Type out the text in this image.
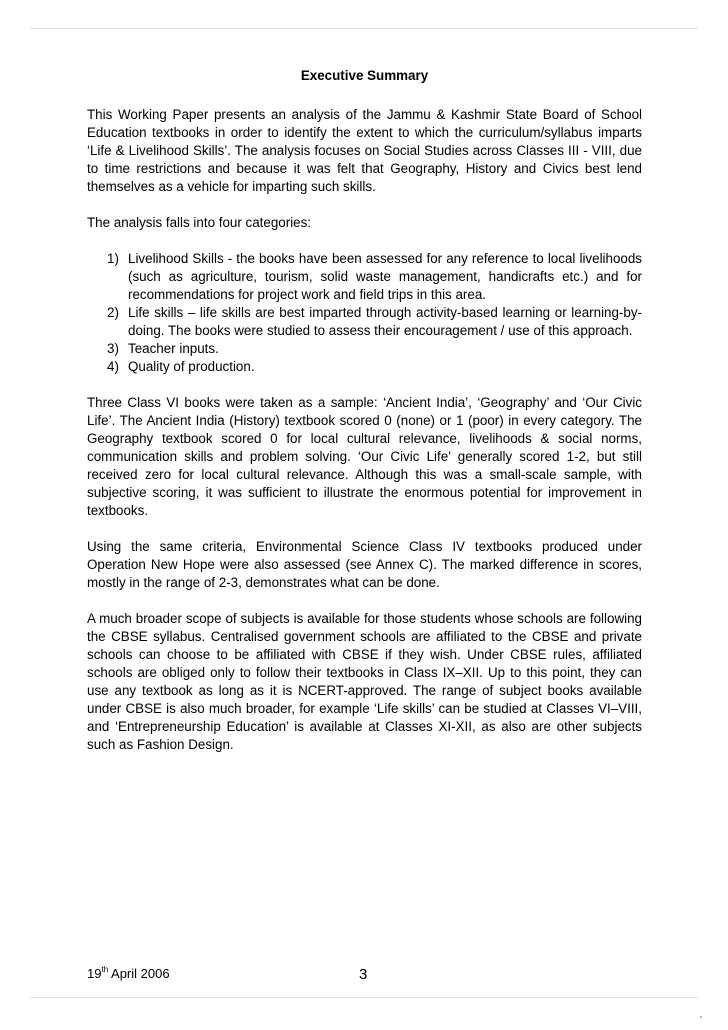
Executive Summary

This Working Paper presents an analysis of the Jammu & Kashmir State Board of School Education textbooks in order to identify the extent to which the curriculum/syllabus imparts ‘Life & Livelihood Skills’. The analysis focuses on Social Studies across Classes III - VIII, due to time restrictions and because it was felt that Geography, History and Civics best lend themselves as a vehicle for imparting such skills.

The analysis falls into four categories:

1) Livelihood Skills - the books have been assessed for any reference to local livelihoods (such as agriculture, tourism, solid waste management, handicrafts etc.) and for recommendations for project work and field trips in this area.
2) Life skills – life skills are best imparted through activity-based learning or learning-by-doing. The books were studied to assess their encouragement / use of this approach.
3) Teacher inputs.
4) Quality of production.

Three Class VI books were taken as a sample: ‘Ancient India’, ‘Geography’ and ‘Our Civic Life’. The Ancient India (History) textbook scored 0 (none) or 1 (poor) in every category. The Geography textbook scored 0 for local cultural relevance, livelihoods & social norms, communication skills and problem solving. ‘Our Civic Life’ generally scored 1-2, but still received zero for local cultural relevance. Although this was a small-scale sample, with subjective scoring, it was sufficient to illustrate the enormous potential for improvement in textbooks.

Using the same criteria, Environmental Science Class IV textbooks produced under Operation New Hope were also assessed (see Annex C). The marked difference in scores, mostly in the range of 2-3, demonstrates what can be done.

A much broader scope of subjects is available for those students whose schools are following the CBSE syllabus. Centralised government schools are affiliated to the CBSE and private schools can choose to be affiliated with CBSE if they wish. Under CBSE rules, affiliated schools are obliged only to follow their textbooks in Class IX–XII. Up to this point, they can use any textbook as long as it is NCERT-approved. The range of subject books available under CBSE is also much broader, for example ‘Life skills’ can be studied at Classes VI–VIII, and ‘Entrepreneurship Education’ is available at Classes XI-XII, as also are other subjects such as Fashion Design.

19th April 2006	3
